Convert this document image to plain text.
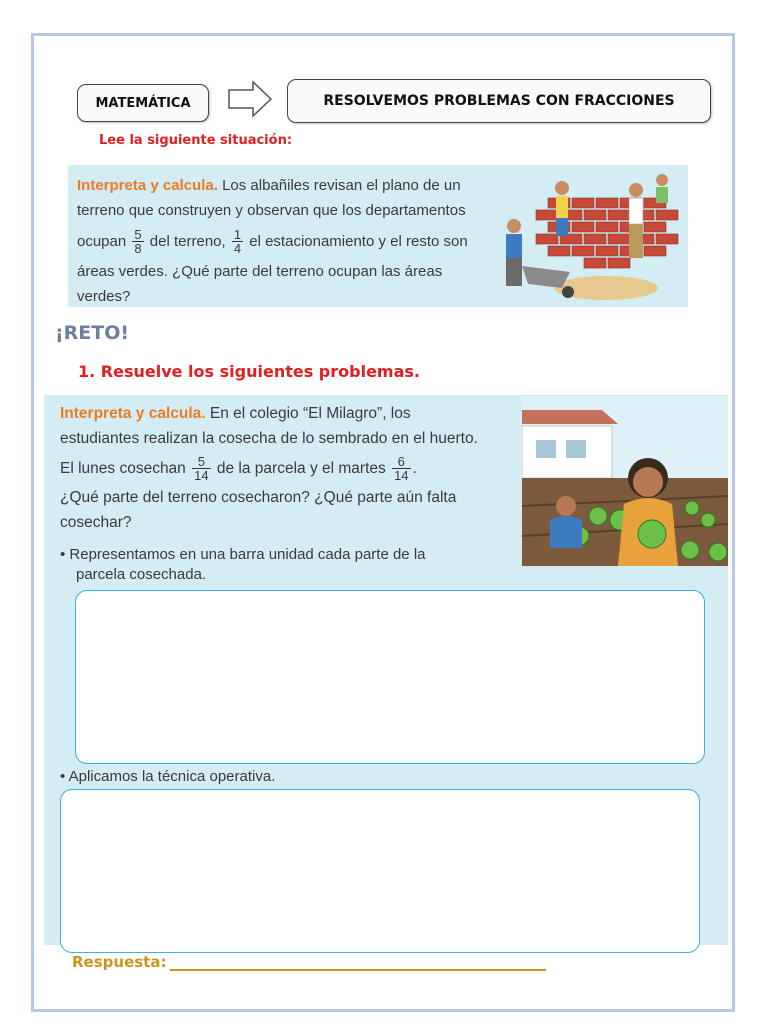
MATEMÁTICA	RESOLVEMOS PROBLEMAS CON FRACCIONES
Lee la siguiente situación:
Interpreta y calcula. Los albañiles revisan el plano de un
terreno que construyen y observan que los departamentos
ocupan $\frac{5}{8}$ del terreno, $\frac{1}{4}$ el estacionamiento y el resto son
áreas verdes. ¿Qué parte del terreno ocupan las áreas
verdes?
¡RETO!
1. Resuelve los siguientes problemas.
Interpreta y calcula. En el colegio “El Milagro”, los
estudiantes realizan la cosecha de lo sembrado en el huerto.
El lunes cosechan $\frac{5}{14}$ de la parcela y el martes $\frac{6}{14}$ .
¿Qué parte del terreno cosecharon? ¿Qué parte aún falta
cosechar?
• Representamos en una barra unidad cada parte de la
parcela cosechada.
• Aplicamos la técnica operativa.
Respuesta:
